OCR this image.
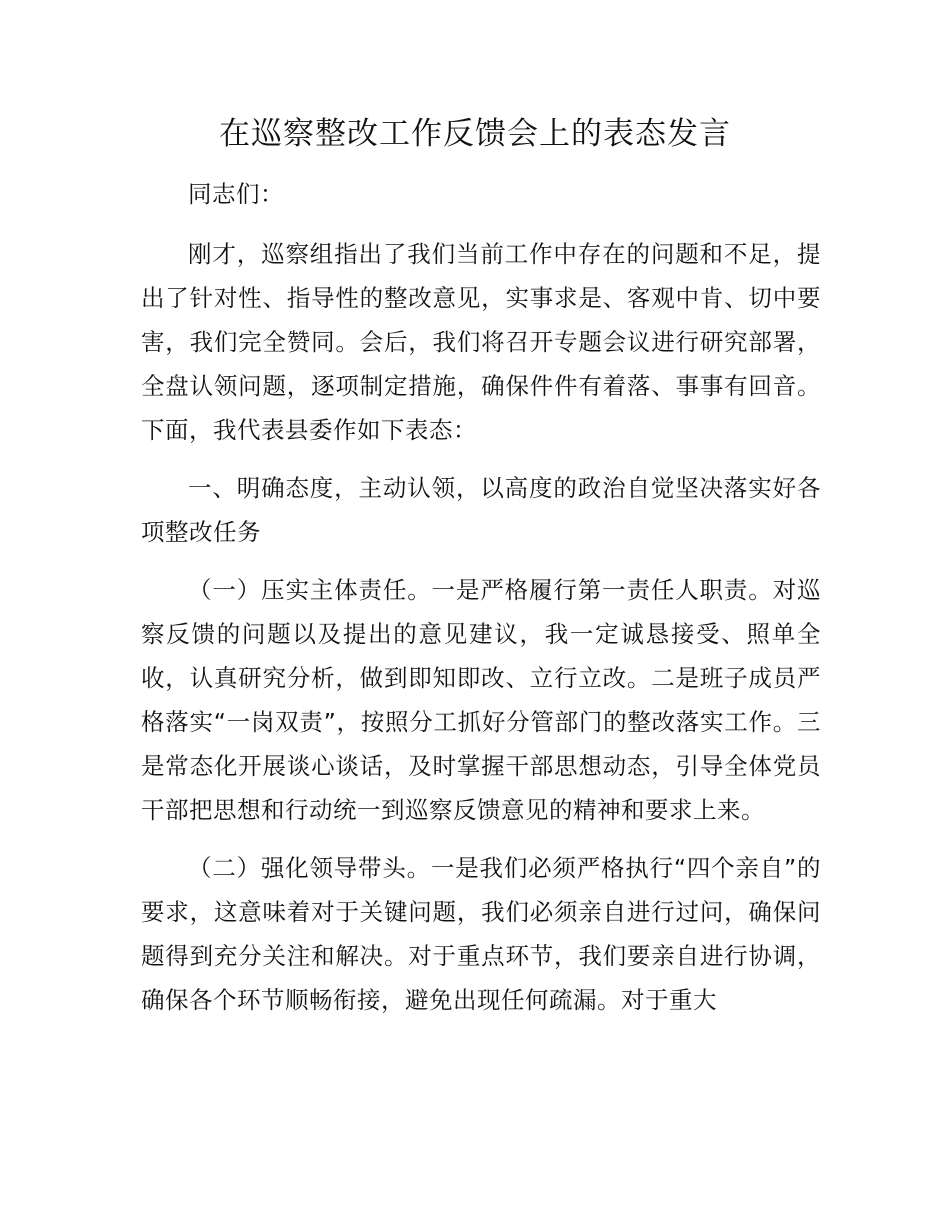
在巡察整改工作反馈会上的表态发言

同志们：

刚才，巡察组指出了我们当前工作中存在的问题和不足，提出了针对性、指导性的整改意见，实事求是、客观中肯、切中要害，我们完全赞同。会后，我们将召开专题会议进行研究部署，全盘认领问题，逐项制定措施，确保件件有着落、事事有回音。下面，我代表县委作如下表态：

一、明确态度，主动认领，以高度的政治自觉坚决落实好各项整改任务

（一）压实主体责任。一是严格履行第一责任人职责。对巡察反馈的问题以及提出的意见建议，我一定诚恳接受、照单全收，认真研究分析，做到即知即改、立行立改。二是班子成员严格落实“一岗双责”，按照分工抓好分管部门的整改落实工作。三是常态化开展谈心谈话，及时掌握干部思想动态，引导全体党员干部把思想和行动统一到巡察反馈意见的精神和要求上来。

（二）强化领导带头。一是我们必须严格执行“四个亲自”的要求，这意味着对于关键问题，我们必须亲自进行过问，确保问题得到充分关注和解决。对于重点环节，我们要亲自进行协调，确保各个环节顺畅衔接，避免出现任何疏漏。对于重大
